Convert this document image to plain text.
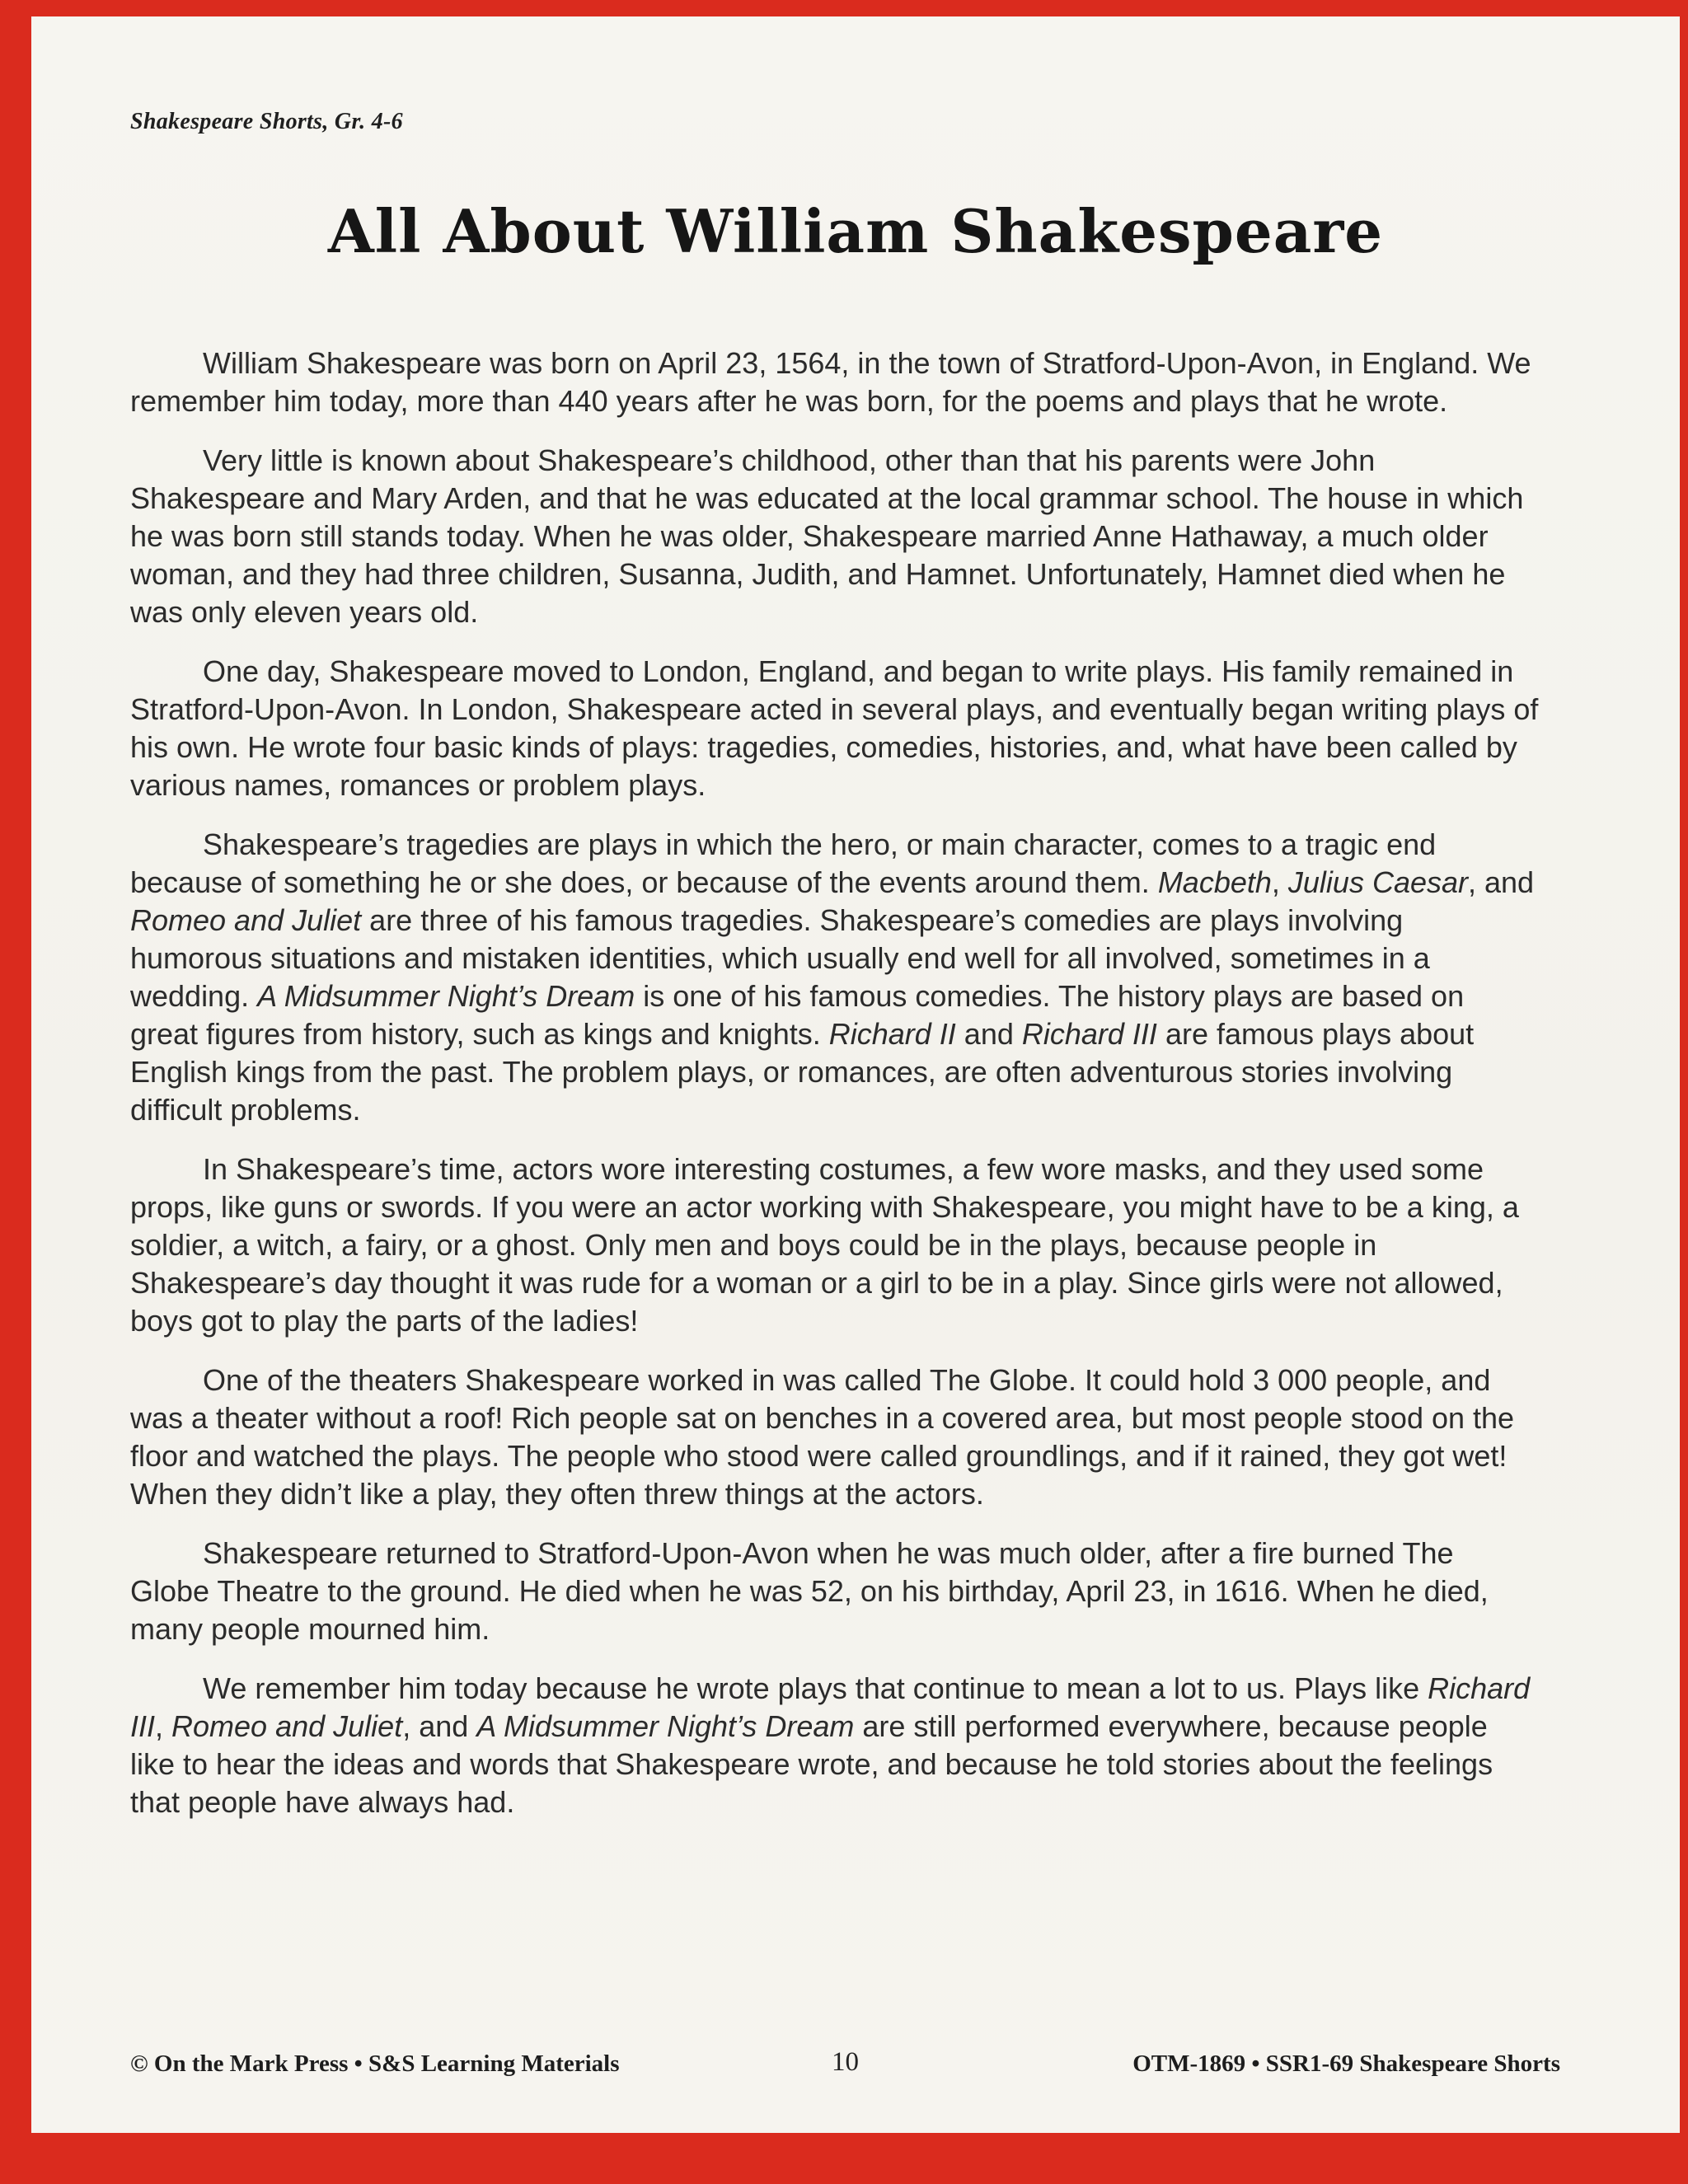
Shakespeare Shorts, Gr. 4-6
All About William Shakespeare

William Shakespeare was born on April 23, 1564, in the town of Stratford-Upon-Avon, in England. We remember him today, more than 440 years after he was born, for the poems and plays that he wrote.

Very little is known about Shakespeare’s childhood, other than that his parents were John Shakespeare and Mary Arden, and that he was educated at the local grammar school. The house in which he was born still stands today. When he was older, Shakespeare married Anne Hathaway, a much older woman, and they had three children, Susanna, Judith, and Hamnet. Unfortunately, Hamnet died when he was only eleven years old.

One day, Shakespeare moved to London, England, and began to write plays. His family remained in Stratford-Upon-Avon. In London, Shakespeare acted in several plays, and eventually began writing plays of his own. He wrote four basic kinds of plays: tragedies, comedies, histories, and, what have been called by various names, romances or problem plays.

Shakespeare’s tragedies are plays in which the hero, or main character, comes to a tragic end because of something he or she does, or because of the events around them. Macbeth, Julius Caesar, and Romeo and Juliet are three of his famous tragedies. Shakespeare’s comedies are plays involving humorous situations and mistaken identities, which usually end well for all involved, sometimes in a wedding. A Midsummer Night’s Dream is one of his famous comedies. The history plays are based on great figures from history, such as kings and knights. Richard II and Richard III are famous plays about English kings from the past. The problem plays, or romances, are often adventurous stories involving difficult problems.

In Shakespeare’s time, actors wore interesting costumes, a few wore masks, and they used some props, like guns or swords. If you were an actor working with Shakespeare, you might have to be a king, a soldier, a witch, a fairy, or a ghost. Only men and boys could be in the plays, because people in Shakespeare’s day thought it was rude for a woman or a girl to be in a play. Since girls were not allowed, boys got to play the parts of the ladies!

One of the theaters Shakespeare worked in was called The Globe. It could hold 3 000 people, and was a theater without a roof! Rich people sat on benches in a covered area, but most people stood on the floor and watched the plays. The people who stood were called groundlings, and if it rained, they got wet! When they didn’t like a play, they often threw things at the actors.

Shakespeare returned to Stratford-Upon-Avon when he was much older, after a fire burned The Globe Theatre to the ground. He died when he was 52, on his birthday, April 23, in 1616. When he died, many people mourned him.

We remember him today because he wrote plays that continue to mean a lot to us. Plays like Richard III, Romeo and Juliet, and A Midsummer Night’s Dream are still performed everywhere, because people like to hear the ideas and words that Shakespeare wrote, and because he told stories about the feelings that people have always had.

© On the Mark Press • S&S Learning Materials	10	OTM-1869 • SSR1-69 Shakespeare Shorts
